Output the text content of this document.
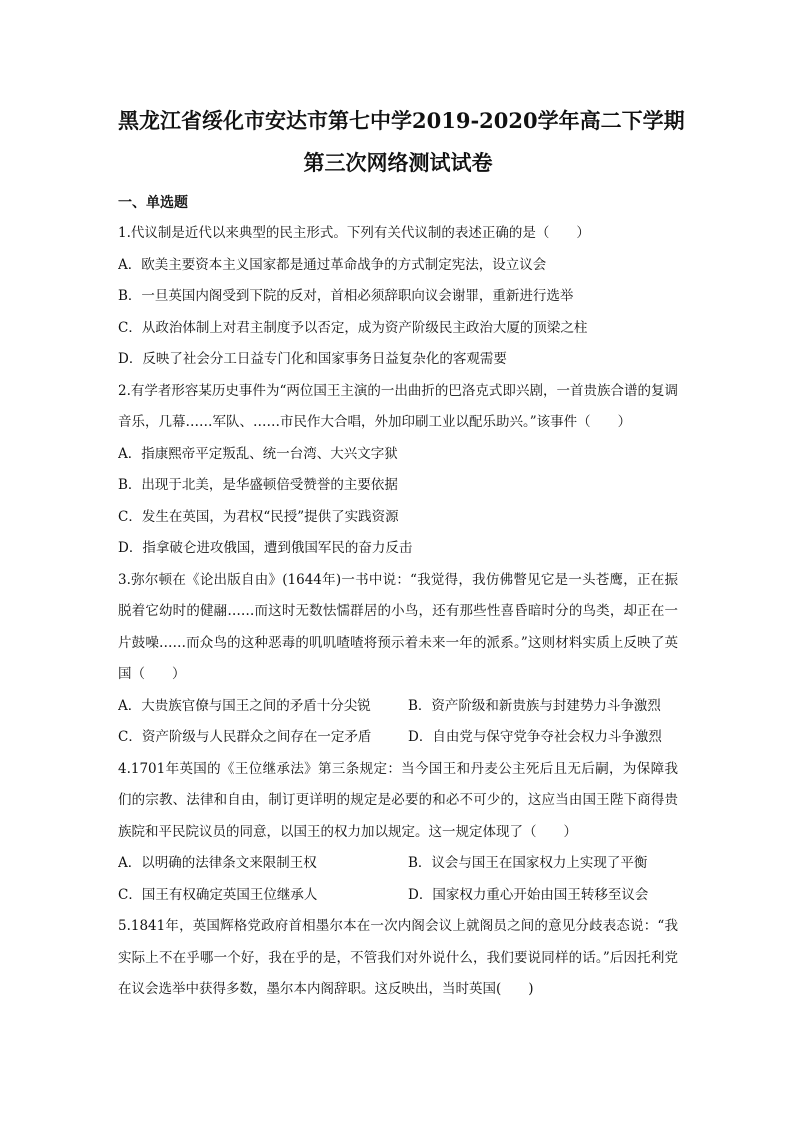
黑龙江省绥化市安达市第七中学2019-2020学年高二下学期
第三次网络测试试卷

一、单选题

1.代议制是近代以来典型的民主形式。下列有关代议制的表述正确的是（　　）

A．欧美主要资本主义国家都是通过革命战争的方式制定宪法，设立议会

B．一旦英国内阁受到下院的反对，首相必须辞职向议会谢罪，重新进行选举

C．从政治体制上对君主制度予以否定，成为资产阶级民主政治大厦的顶梁之柱

D．反映了社会分工日益专门化和国家事务日益复杂化的客观需要

2.有学者形容某历史事件为“两位国王主演的一出曲折的巴洛克式即兴剧，一首贵族合谱的复调音乐，几幕……军队、……市民作大合唱，外加印刷工业以配乐助兴。”该事件（　　）

A．指康熙帝平定叛乱、统一台湾、大兴文字狱

B．出现于北美，是华盛顿倍受赞誉的主要依据

C．发生在英国，为君权“民授”提供了实践资源

D．指拿破仑进攻俄国，遭到俄国军民的奋力反击

3.弥尔顿在《论出版自由》(1644年)一书中说：“我觉得，我仿佛瞥见它是一头苍鹰，正在振脱着它幼时的健翮……而这时无数怯懦群居的小鸟，还有那些性喜昏暗时分的鸟类，却正在一片鼓噪……而众鸟的这种恶毒的叽叽喳喳将预示着未来一年的派系。”这则材料实质上反映了英国（　　）

A．大贵族官僚与国王之间的矛盾十分尖锐	B．资产阶级和新贵族与封建势力斗争激烈
C．资产阶级与人民群众之间存在一定矛盾	D．自由党与保守党争夺社会权力斗争激烈

4.1701年英国的《王位继承法》第三条规定：当今国王和丹麦公主死后且无后嗣，为保障我们的宗教、法律和自由，制订更详明的规定是必要的和必不可少的，这应当由国王陛下商得贵族院和平民院议员的同意，以国王的权力加以规定。这一规定体现了（　　）

A．以明确的法律条文来限制王权	B．议会与国王在国家权力上实现了平衡
C．国王有权确定英国王位继承人	D．国家权力重心开始由国王转移至议会

5.1841年，英国辉格党政府首相墨尔本在一次内阁会议上就阁员之间的意见分歧表态说：“我实际上不在乎哪一个好，我在乎的是，不管我们对外说什么，我们要说同样的话。”后因托利党在议会选举中获得多数，墨尔本内阁辞职。这反映出，当时英国(　　)
